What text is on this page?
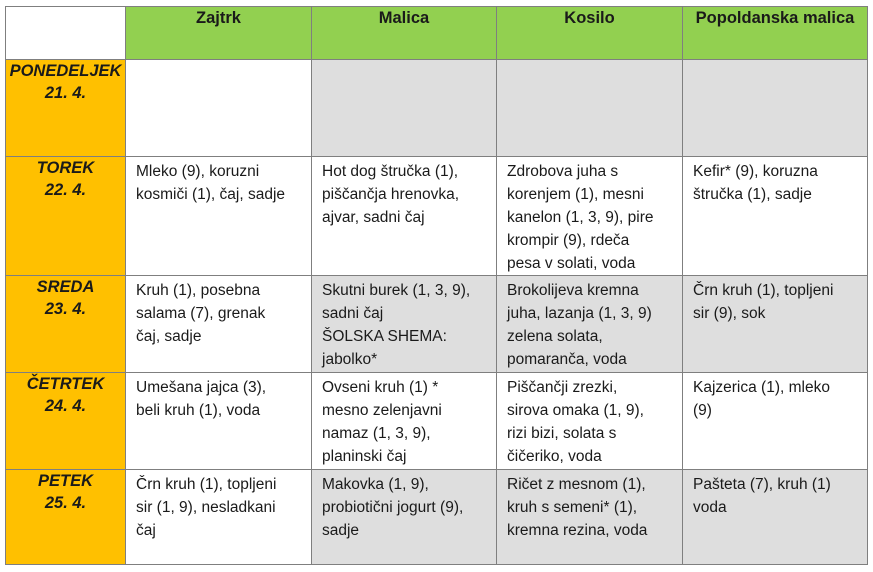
	Zajtrk	Malica	Kosilo	Popoldanska malica

PONEDELJEK
21. 4.				

TOREK
22. 4.	Mleko (9), koruzni
kosmiči (1), čaj, sadje	Hot dog štručka (1),
piščančja hrenovka,
ajvar, sadni čaj	Zdrobova juha s
korenjem (1), mesni
kanelon (1, 3, 9), pire
krompir (9), rdeča
pesa v solati, voda	Kefir* (9), koruzna
štručka (1), sadje

SREDA
23. 4.	Kruh (1), posebna
salama (7), grenak
čaj, sadje	Skutni burek (1, 3, 9),
sadni čaj
ŠOLSKA SHEMA:
jabolko*	Brokolijeva kremna
juha, lazanja (1, 3, 9)
zelena solata,
pomaranča, voda	Črn kruh (1), topljeni
sir (9), sok

ČETRTEK
24. 4.	Umešana jajca (3),
beli kruh (1), voda	Ovseni kruh (1) *
mesno zelenjavni
namaz (1, 3, 9),
planinski čaj	Piščančji zrezki,
sirova omaka (1, 9),
rizi bizi, solata s
čičeriko, voda	Kajzerica (1), mleko
(9)

PETEK
25. 4.	Črn kruh (1), topljeni
sir (1, 9), nesladkani
čaj	Makovka (1, 9),
probiotični jogurt (9),
sadje	Ričet z mesnom (1),
kruh s semeni* (1),
kremna rezina, voda	Pašteta (7), kruh (1)
voda
